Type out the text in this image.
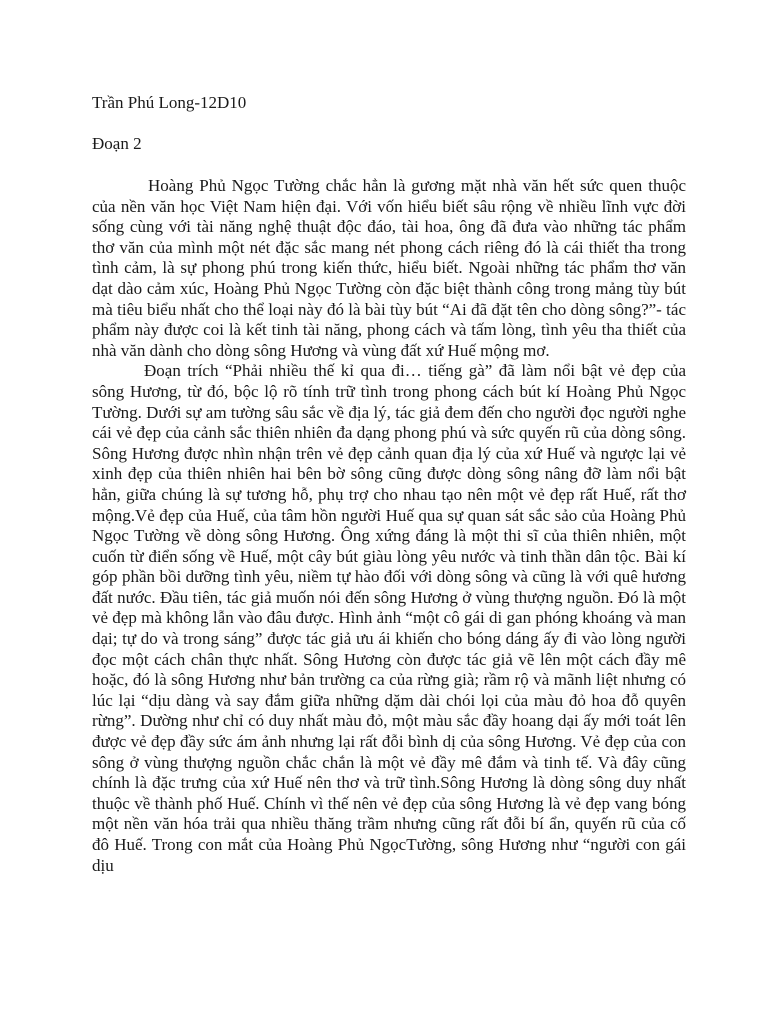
Trần Phú Long-12D10

Đoạn 2

Hoàng Phủ Ngọc Tường chắc hẳn là gương mặt nhà văn hết sức quen thuộc của nền văn học Việt Nam hiện đại. Với vốn hiểu biết sâu rộng về nhiều lĩnh vực đời sống cùng với tài năng nghệ thuật độc đáo, tài hoa, ông đã đưa vào những tác phẩm thơ văn của mình một nét đặc sắc mang nét phong cách riêng đó là cái thiết tha trong tình cảm, là sự phong phú trong kiến thức, hiểu biết. Ngoài những tác phẩm thơ văn dạt dào cảm xúc, Hoàng Phủ Ngọc Tường còn đặc biệt thành công trong mảng tùy bút mà tiêu biểu nhất cho thể loại này đó là bài tùy bút “Ai đã đặt tên cho dòng sông?”- tác phẩm này được coi là kết tinh tài năng, phong cách và tấm lòng, tình yêu tha thiết của nhà văn dành cho dòng sông Hương và vùng đất xứ Huế mộng mơ.

Đoạn trích “Phải nhiều thế kỉ qua đi… tiếng gà” đã làm nổi bật vẻ đẹp của sông Hương, từ đó, bộc lộ rõ tính trữ tình trong phong cách bút kí Hoàng Phủ Ngọc Tường. Dưới sự am tường sâu sắc về địa lý, tác giả đem đến cho người đọc người nghe cái vẻ đẹp của cảnh sắc thiên nhiên đa dạng phong phú và sức quyến rũ của dòng sông. Sông Hương được nhìn nhận trên vẻ đẹp cảnh quan địa lý của xứ Huế và ngược lại vẻ xinh đẹp của thiên nhiên hai bên bờ sông cũng được dòng sông nâng đỡ làm nổi bật hẳn, giữa chúng là sự tương hỗ, phụ trợ cho nhau tạo nên một vẻ đẹp rất Huế, rất thơ mộng.Vẻ đẹp của Huế, của tâm hồn người Huế qua sự quan sát sắc sảo của Hoàng Phủ Ngọc Tường về dòng sông Hương. Ông xứng đáng là một thi sĩ của thiên nhiên, một cuốn từ điển sống về Huế, một cây bút giàu lòng yêu nước và tinh thần dân tộc. Bài kí góp phần bồi dưỡng tình yêu, niềm tự hào đối với dòng sông và cũng là với quê hương đất nước. Đầu tiên, tác giả muốn nói đến sông Hương ở vùng thượng nguồn. Đó là một vẻ đẹp mà không lẫn vào đâu được. Hình ảnh “một cô gái di gan phóng khoáng và man dại; tự do và trong sáng” được tác giả ưu ái khiến cho bóng dáng ấy đi vào lòng người đọc một cách chân thực nhất. Sông Hương còn được tác giả vẽ lên một cách đầy mê hoặc, đó là sông Hương như bản trường ca của rừng già; rầm rộ và mãnh liệt nhưng có lúc lại “dịu dàng và say đắm giữa những dặm dài chói lọi của màu đỏ hoa đỗ quyên rừng”. Dường như chỉ có duy nhất màu đỏ, một màu sắc đầy hoang dại ấy mới toát lên được vẻ đẹp đầy sức ám ảnh nhưng lại rất đỗi bình dị của sông Hương. Vẻ đẹp của con sông ở vùng thượng nguồn chắc chắn là một vẻ đầy mê đắm và tinh tế. Và đây cũng chính là đặc trưng của xứ Huế nên thơ và trữ tình.Sông Hương là dòng sông duy nhất thuộc về thành phố Huế. Chính vì thế nên vẻ đẹp của sông Hương là vẻ đẹp vang bóng một nền văn hóa trải qua nhiều thăng trầm nhưng cũng rất đỗi bí ẩn, quyến rũ của cố đô Huế. Trong con mắt của Hoàng Phủ NgọcTường, sông Hương như “người con gái dịu
